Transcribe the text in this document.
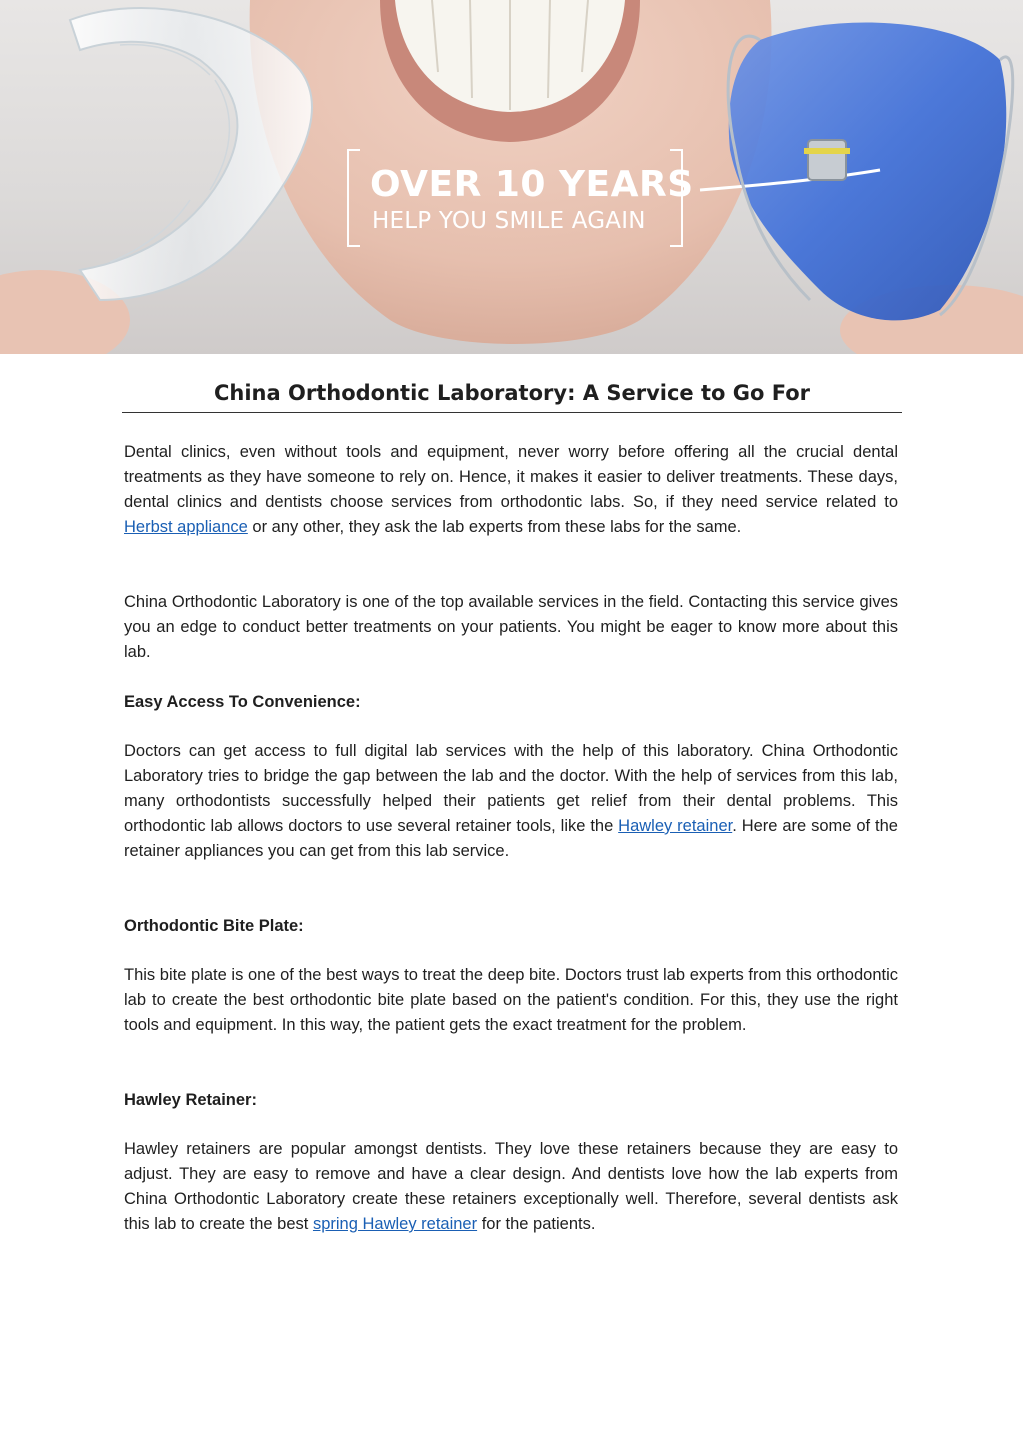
OVER 10 YEARS
HELP YOU SMILE AGAIN
China Orthodontic Laboratory: A Service to Go For

Dental clinics, even without tools and equipment, never worry before offering all the crucial dental treatments as they have someone to rely on. Hence, it makes it easier to deliver treatments. These days, dental clinics and dentists choose services from orthodontic labs. So, if they need service related to Herbst appliance or any other, they ask the lab experts from these labs for the same.

China Orthodontic Laboratory is one of the top available services in the field. Contacting this service gives you an edge to conduct better treatments on your patients. You might be eager to know more about this lab.

Easy Access To Convenience:

Doctors can get access to full digital lab services with the help of this laboratory. China Orthodontic Laboratory tries to bridge the gap between the lab and the doctor. With the help of services from this lab, many orthodontists successfully helped their patients get relief from their dental problems. This orthodontic lab allows doctors to use several retainer tools, like the Hawley retainer. Here are some of the retainer appliances you can get from this lab service.

Orthodontic Bite Plate:

This bite plate is one of the best ways to treat the deep bite. Doctors trust lab experts from this orthodontic lab to create the best orthodontic bite plate based on the patient's condition. For this, they use the right tools and equipment. In this way, the patient gets the exact treatment for the problem.

Hawley Retainer:

Hawley retainers are popular amongst dentists. They love these retainers because they are easy to adjust. They are easy to remove and have a clear design. And dentists love how the lab experts from China Orthodontic Laboratory create these retainers exceptionally well. Therefore, several dentists ask this lab to create the best spring Hawley retainer for the patients.
